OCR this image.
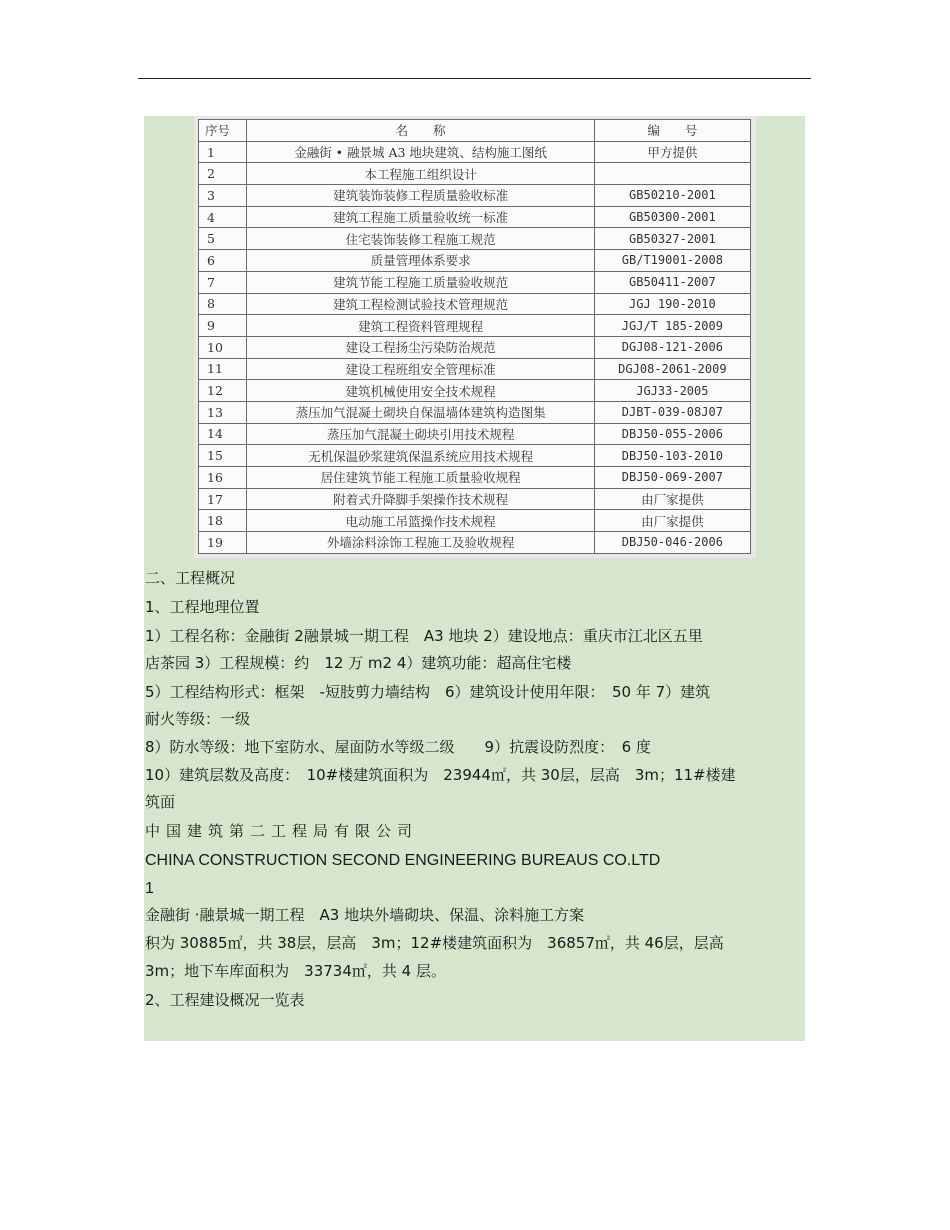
序号	名　　称	编　　号
1	金融街 • 融景城 A3 地块建筑、结构施工图纸	甲方提供
2	本工程施工组织设计	
3	建筑装饰装修工程质量验收标准	GB50210-2001
4	建筑工程施工质量验收统一标准	GB50300-2001
5	住宅装饰装修工程施工规范	GB50327-2001
6	质量管理体系要求	GB/T19001-2008
7	建筑节能工程施工质量验收规范	GB50411-2007
8	建筑工程检测试验技术管理规范	JGJ 190-2010
9	建筑工程资料管理规程	JGJ/T 185-2009
10	建设工程扬尘污染防治规范	DGJ08-121-2006
11	建设工程班组安全管理标准	DGJ08-2061-2009
12	建筑机械使用安全技术规程	JGJ33-2005
13	蒸压加气混凝土砌块自保温墙体建筑构造图集	DJBT-039-08J07
14	蒸压加气混凝土砌块引用技术规程	DBJ50-055-2006
15	无机保温砂浆建筑保温系统应用技术规程	DBJ50-103-2010
16	居住建筑节能工程施工质量验收规程	DBJ50-069-2007
17	附着式升降脚手架操作技术规程	由厂家提供
18	电动施工吊篮操作技术规程	由厂家提供
19	外墙涂料涂饰工程施工及验收规程	DBJ50-046-2006
二、工程概况
1、工程地理位置
1）工程名称：金融街 2融景城一期工程　A3 地块 2）建设地点：重庆市江北区五里
店茶园 3）工程规模：约　12 万 m2 4）建筑功能：超高住宅楼
5）工程结构形式：框架　-短肢剪力墙结构　6）建筑设计使用年限：　50 年 7）建筑
耐火等级：一级
8）防水等级：地下室防水、屋面防水等级二级　　9）抗震设防烈度：　6 度
10）建筑层数及高度：　10#楼建筑面积为　23944㎡，共 30层，层高　3m；11#楼建
筑面
中国建筑第二工程局有限公司
CHINA CONSTRUCTION SECOND ENGINEERING BUREAUS CO.LTD
1
金融街 ·融景城一期工程　A3 地块外墙砌块、保温、涂料施工方案
积为 30885㎡，共 38层，层高　3m；12#楼建筑面积为　36857㎡，共 46层，层高
3m；地下车库面积为　33734㎡，共 4 层。
2、工程建设概况一览表
